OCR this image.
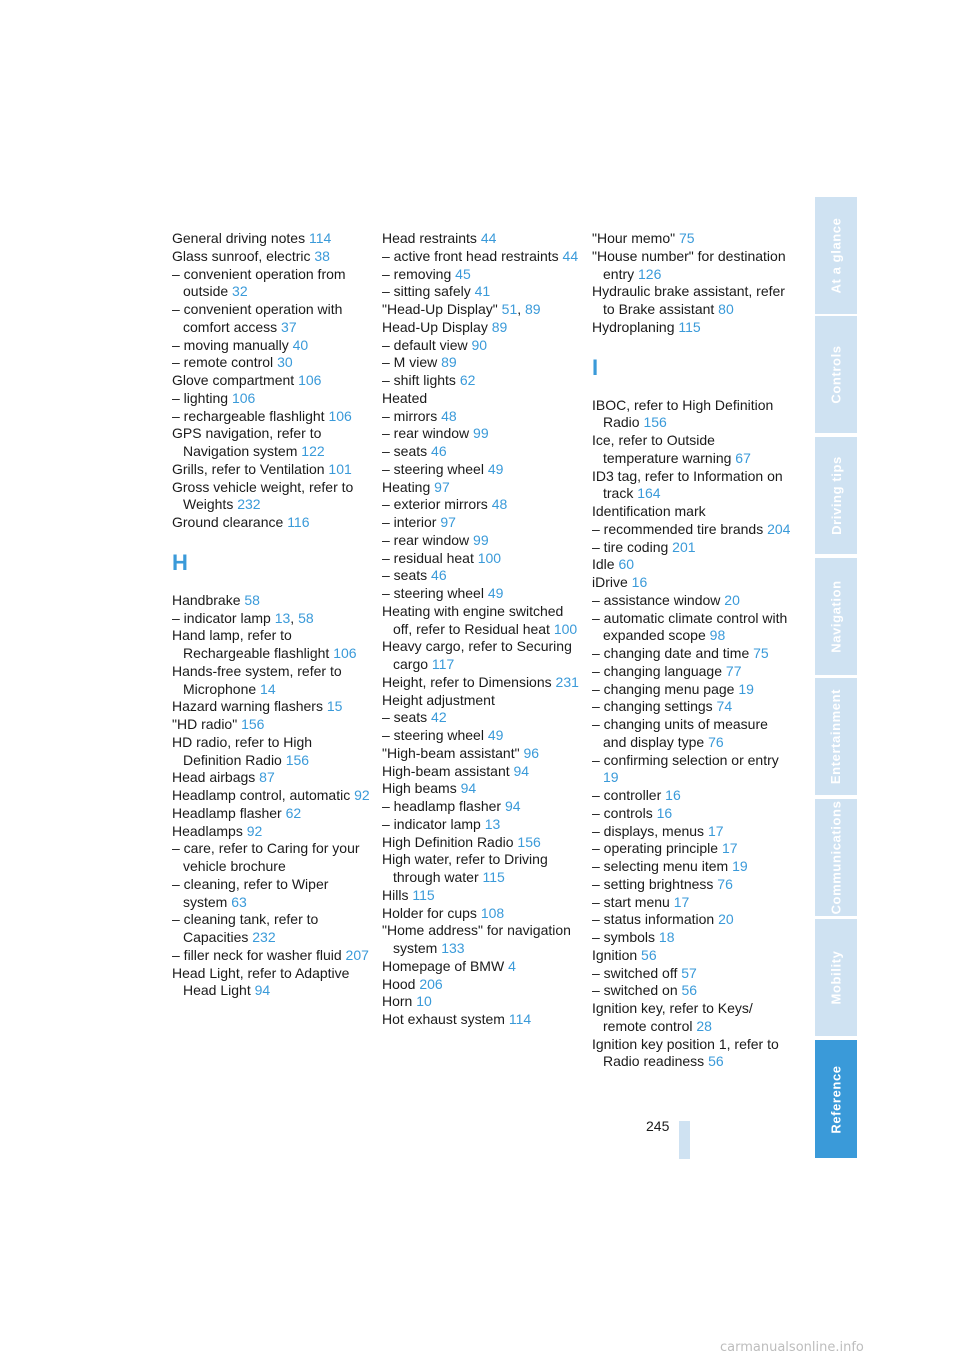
General driving notes 114
Glass sunroof, electric 38
– convenient operation from outside 32
– convenient operation with comfort access 37
– moving manually 40
– remote control 30
Glove compartment 106
– lighting 106
– rechargeable flashlight 106
GPS navigation, refer to Navigation system 122
Grills, refer to Ventilation 101
Gross vehicle weight, refer to Weights 232
Ground clearance 116
H
Handbrake 58
– indicator lamp 13, 58
Hand lamp, refer to Rechargeable flashlight 106
Hands-free system, refer to Microphone 14
Hazard warning flashers 15
"HD radio" 156
HD radio, refer to High Definition Radio 156
Head airbags 87
Headlamp control, automatic 92
Headlamp flasher 62
Headlamps 92
– care, refer to Caring for your vehicle brochure
– cleaning, refer to Wiper system 63
– cleaning tank, refer to Capacities 232
– filler neck for washer fluid 207
Head Light, refer to Adaptive Head Light 94
Head restraints 44
– active front head restraints 44
– removing 45
– sitting safely 41
"Head-Up Display" 51, 89
Head-Up Display 89
– default view 90
– M view 89
– shift lights 62
Heated
– mirrors 48
– rear window 99
– seats 46
– steering wheel 49
Heating 97
– exterior mirrors 48
– interior 97
– rear window 99
– residual heat 100
– seats 46
– steering wheel 49
Heating with engine switched off, refer to Residual heat 100
Heavy cargo, refer to Securing cargo 117
Height, refer to Dimensions 231
Height adjustment
– seats 42
– steering wheel 49
"High-beam assistant" 96
High-beam assistant 94
High beams 94
– headlamp flasher 94
– indicator lamp 13
High Definition Radio 156
High water, refer to Driving through water 115
Hills 115
Holder for cups 108
"Home address" for navigation system 133
Homepage of BMW 4
Hood 206
Horn 10
Hot exhaust system 114
"Hour memo" 75
"House number" for destination entry 126
Hydraulic brake assistant, refer to Brake assistant 80
Hydroplaning 115
I
IBOC, refer to High Definition Radio 156
Ice, refer to Outside temperature warning 67
ID3 tag, refer to Information on track 164
Identification mark
– recommended tire brands 204
– tire coding 201
Idle 60
iDrive 16
– assistance window 20
– automatic climate control with expanded scope 98
– changing date and time 75
– changing language 77
– changing menu page 19
– changing settings 74
– changing units of measure and display type 76
– confirming selection or entry 19
– controller 16
– controls 16
– displays, menus 17
– operating principle 17
– selecting menu item 19
– setting brightness 76
– start menu 17
– status information 20
– symbols 18
Ignition 56
– switched off 57
– switched on 56
Ignition key, refer to Keys/ remote control 28
Ignition key position 1, refer to Radio readiness 56
At a glance
Controls
Driving tips
Navigation
Entertainment
Communications
Mobility
Reference
245
carmanualsonline.info
